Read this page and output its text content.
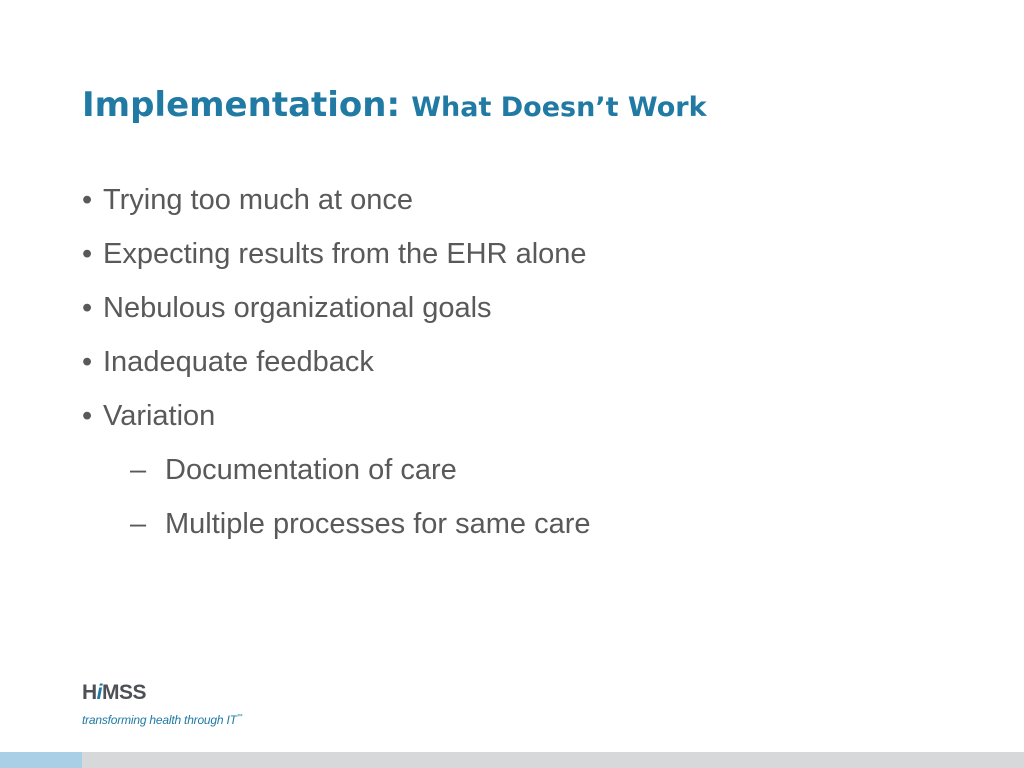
Implementation: What Doesn’t Work
• Trying too much at once
• Expecting results from the EHR alone
• Nebulous organizational goals
• Inadequate feedback
• Variation
– Documentation of care
– Multiple processes for same care
HiMSS
transforming health through IT™
